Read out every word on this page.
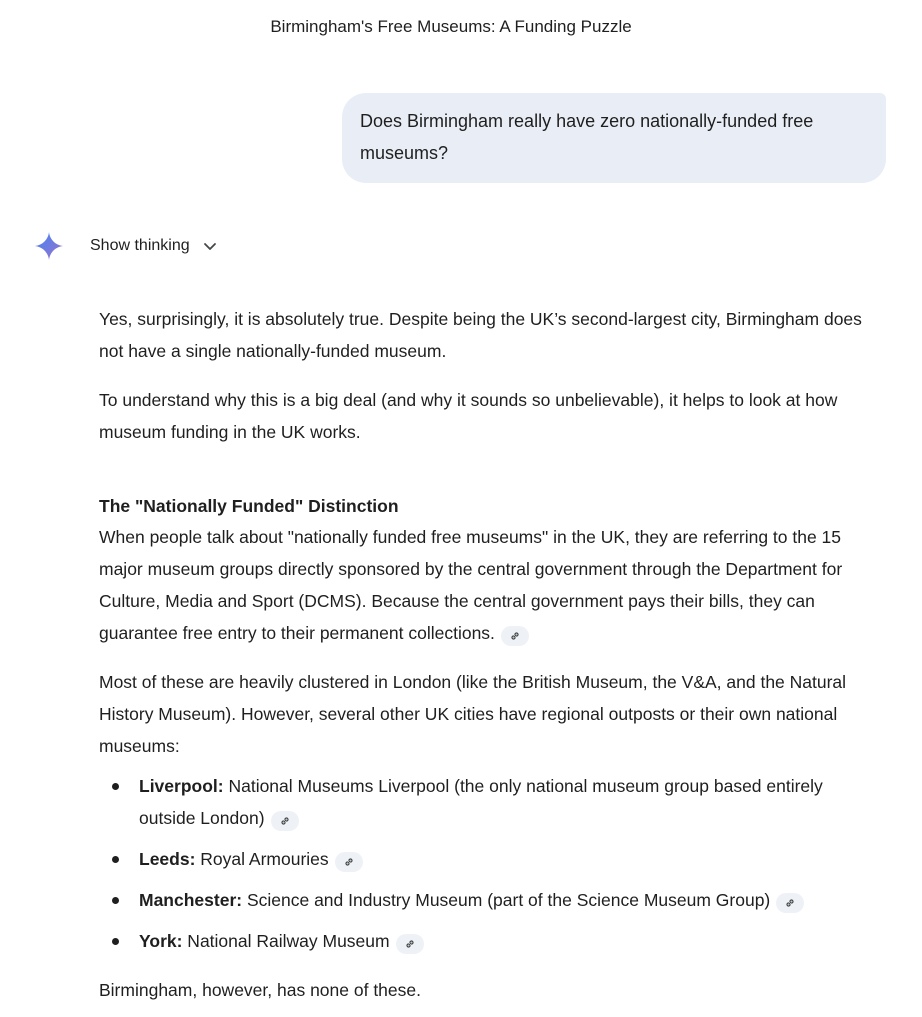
Birmingham's Free Museums: A Funding Puzzle
Does Birmingham really have zero nationally-funded free museums?
Show thinking

Yes, surprisingly, it is absolutely true. Despite being the UK’s second-largest city, Birmingham does not have a single nationally-funded museum.

To understand why this is a big deal (and why it sounds so unbelievable), it helps to look at how museum funding in the UK works.

The "Nationally Funded" Distinction

When people talk about "nationally funded free museums" in the UK, they are referring to the 15 major museum groups directly sponsored by the central government through the Department for Culture, Media and Sport (DCMS). Because the central government pays their bills, they can guarantee free entry to their permanent collections.

Most of these are heavily clustered in London (like the British Museum, the V&A, and the Natural History Museum). However, several other UK cities have regional outposts or their own national museums:

Liverpool: National Museums Liverpool (the only national museum group based entirely outside London)
Leeds: Royal Armouries
Manchester: Science and Industry Museum (part of the Science Museum Group)
York: National Railway Museum

Birmingham, however, has none of these.
